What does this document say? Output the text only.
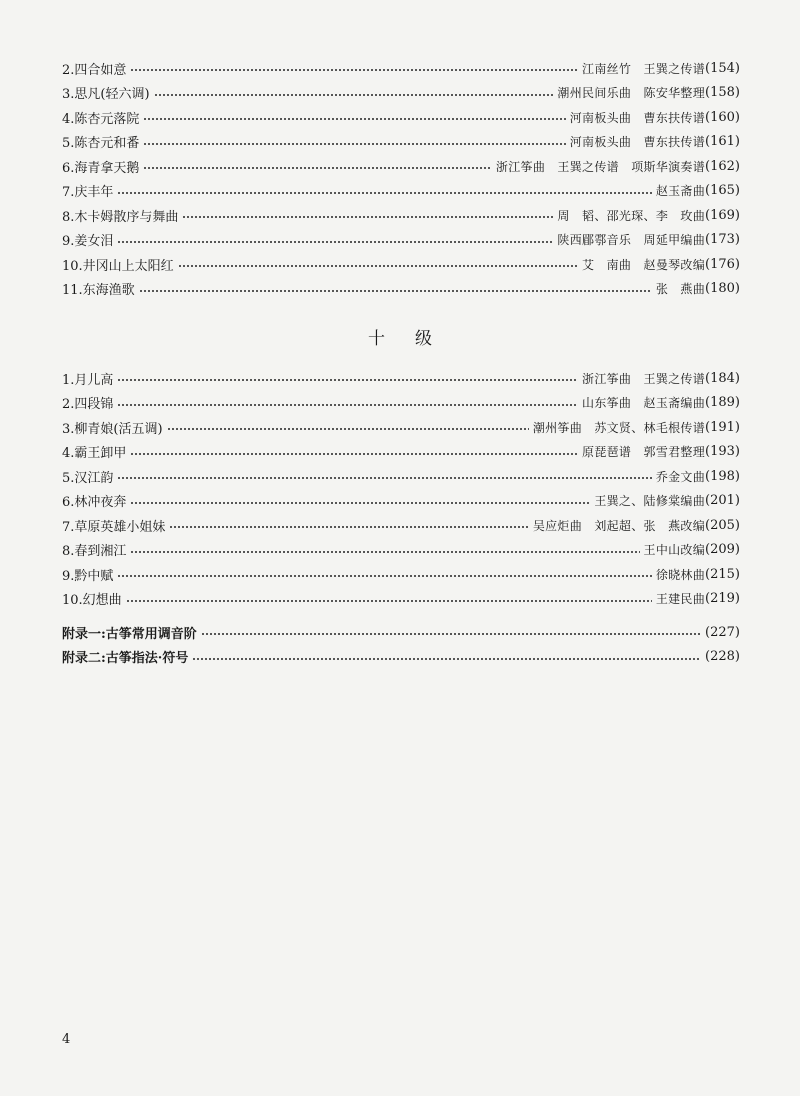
2.四合如意	江南丝竹　王巽之传谱 (154)
3.思凡(轻六调)	潮州民间乐曲　陈安华整理 (158)
4.陈杏元落院	河南板头曲　曹东扶传谱 (160)
5.陈杏元和番	河南板头曲　曹东扶传谱 (161)
6.海青拿天鹅	浙江筝曲　王巽之传谱　项斯华演奏谱 (162)
7.庆丰年	赵玉斋曲 (165)
8.木卡姆散序与舞曲	周　韬、邵光琛、李　玫曲 (169)
9.姜女泪	陕西郿鄠音乐　周延甲编曲 (173)
10.井冈山上太阳红	艾　南曲　赵曼琴改编 (176)
11.东海渔歌	张　燕曲 (180)
十 级
1.月儿高	浙江筝曲　王巽之传谱 (184)
2.四段锦	山东筝曲　赵玉斋编曲 (189)
3.柳青娘(活五调)	潮州筝曲　苏文贤、林毛根传谱 (191)
4.霸王卸甲	原琵琶谱　郭雪君整理 (193)
5.汉江韵	乔金文曲 (198)
6.林冲夜奔	王巽之、陆修棠编曲 (201)
7.草原英雄小姐妹	吴应炬曲　刘起超、张　燕改编 (205)
8.春到湘江	王中山改编 (209)
9.黔中赋	徐晓林曲 (215)
10.幻想曲	王建民曲 (219)
附录一:古筝常用调音阶	(227)
附录二:古筝指法·符号	(228)
4
